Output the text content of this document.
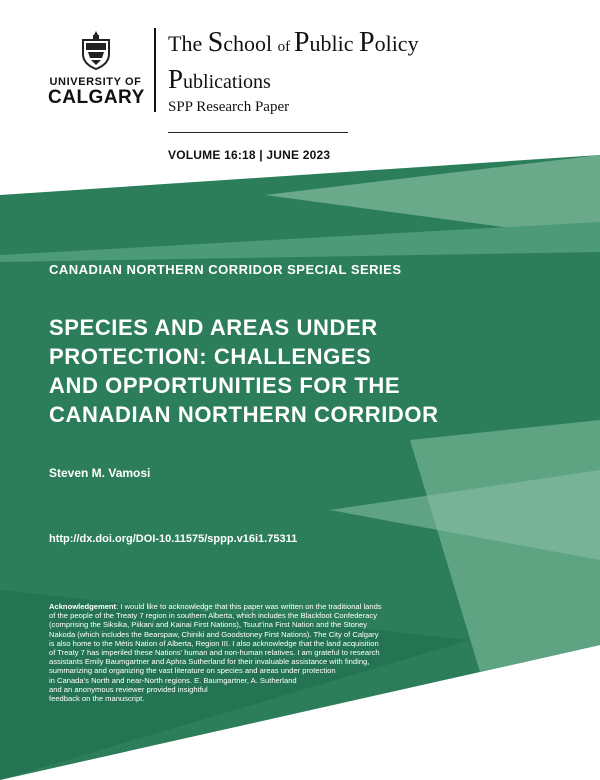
UNIVERSITY OF
CALGARY
The School of Public Policy
Publications
SPP Research Paper
VOLUME 16:18 | JUNE 2023
CANADIAN NORTHERN CORRIDOR SPECIAL SERIES
SPECIES AND AREAS UNDER
PROTECTION: CHALLENGES
AND OPPORTUNITIES FOR THE
CANADIAN NORTHERN CORRIDOR
Steven M. Vamosi
http://dx.doi.org/DOI-10.11575/sppp.v16i1.75311
Acknowledgement: I would like to acknowledge that this paper was written on the traditional lands
of the people of the Treaty 7 region in southern Alberta, which includes the Blackfoot Confederacy
(comprising the Siksika, Piikani and Kainai First Nations), Tsuut’ina First Nation and the Stoney
Nakoda (which includes the Bearspaw, Chiniki and Goodstoney First Nations). The City of Calgary
is also home to the Métis Nation of Alberta, Region III. I also acknowledge that the land acquisition
of Treaty 7 has imperiled these Nations’ human and non-human relatives. I am grateful to research
assistants Emily Baumgartner and Aphra Sutherland for their invaluable assistance with finding,
summarizing and organizing the vast literature on species and areas under protection
in Canada’s North and near-North regions. E. Baumgartner, A. Sutherland
and an anonymous reviewer provided insightful
feedback on the manuscript.
